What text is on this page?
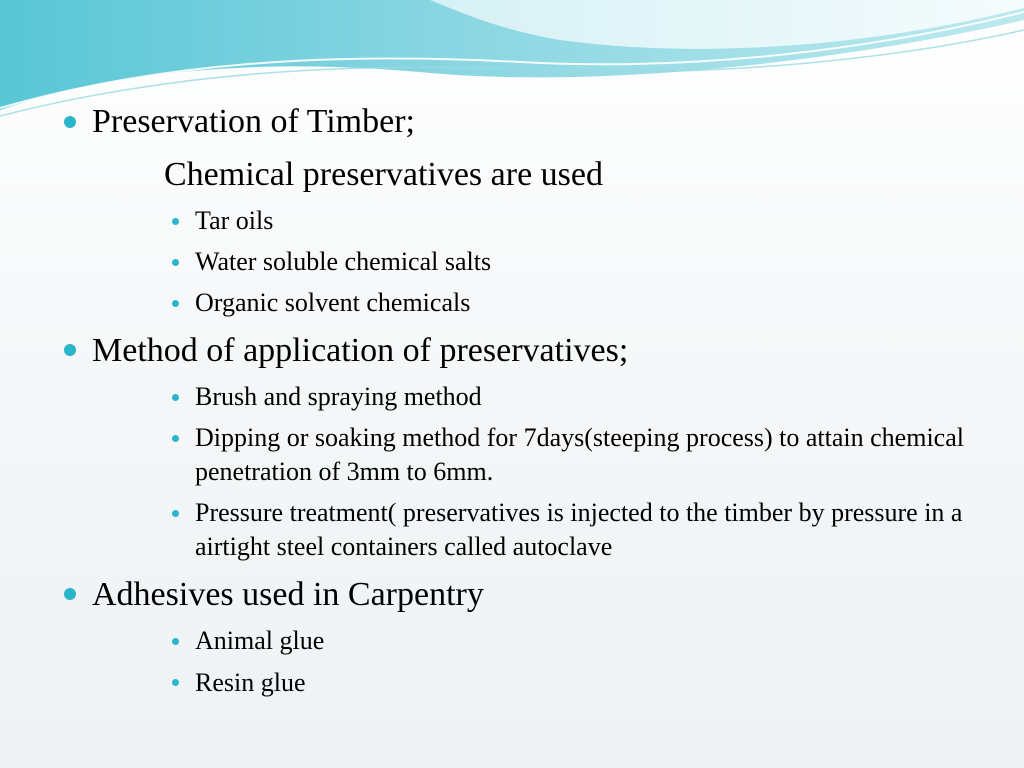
Preservation of Timber;
Chemical preservatives are used
Tar oils
Water soluble chemical salts
Organic solvent chemicals
Method of application of preservatives;
Brush and spraying method
Dipping or soaking method for 7days(steeping process) to attain chemical penetration of 3mm to 6mm.
Pressure treatment( preservatives is injected to the timber by pressure in a airtight steel containers called autoclave
Adhesives used in Carpentry
Animal glue
Resin glue
